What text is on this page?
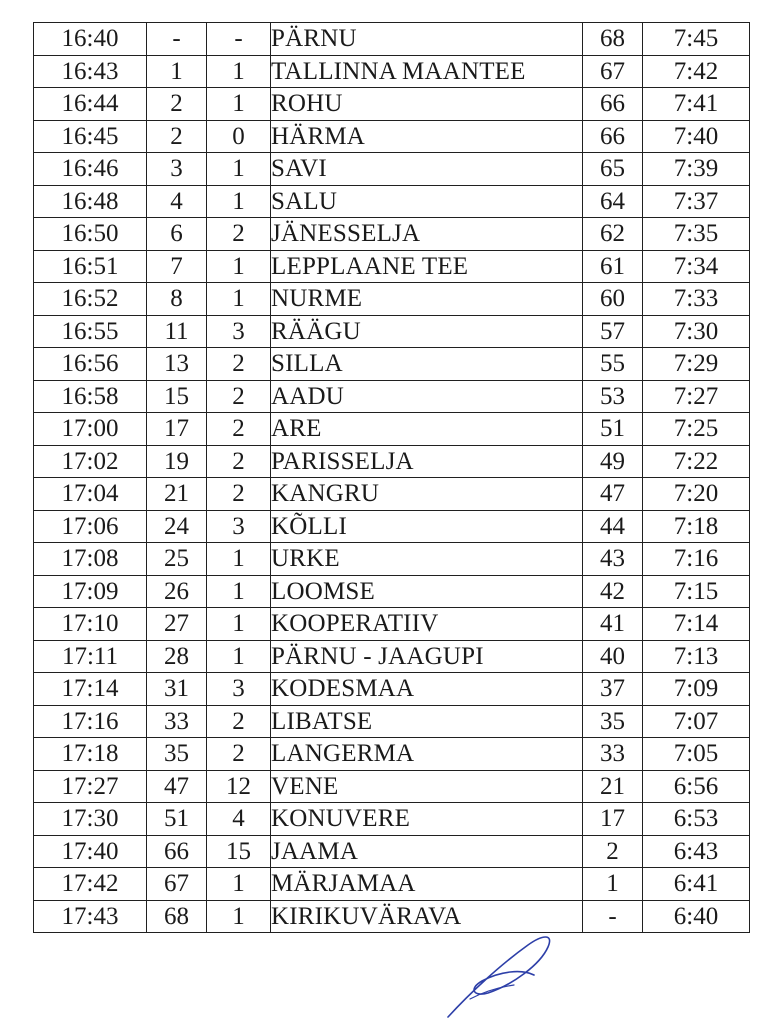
16:40	-	-	PÄRNU	68	7:45
16:43	1	1	TALLINNA MAANTEE	67	7:42
16:44	2	1	ROHU	66	7:41
16:45	2	0	HÄRMA	66	7:40
16:46	3	1	SAVI	65	7:39
16:48	4	1	SALU	64	7:37
16:50	6	2	JÄNESSELJA	62	7:35
16:51	7	1	LEPPLAANE TEE	61	7:34
16:52	8	1	NURME	60	7:33
16:55	11	3	RÄÄGU	57	7:30
16:56	13	2	SILLA	55	7:29
16:58	15	2	AADU	53	7:27
17:00	17	2	ARE	51	7:25
17:02	19	2	PARISSELJA	49	7:22
17:04	21	2	KANGRU	47	7:20
17:06	24	3	KÕLLI	44	7:18
17:08	25	1	URKE	43	7:16
17:09	26	1	LOOMSE	42	7:15
17:10	27	1	KOOPERATIIV	41	7:14
17:11	28	1	PÄRNU - JAAGUPI	40	7:13
17:14	31	3	KODESMAA	37	7:09
17:16	33	2	LIBATSE	35	7:07
17:18	35	2	LANGERMA	33	7:05
17:27	47	12	VENE	21	6:56
17:30	51	4	KONUVERE	17	6:53
17:40	66	15	JAAMA	2	6:43
17:42	67	1	MÄRJAMAA	1	6:41
17:43	68	1	KIRIKUVÄRAVA	-	6:40
